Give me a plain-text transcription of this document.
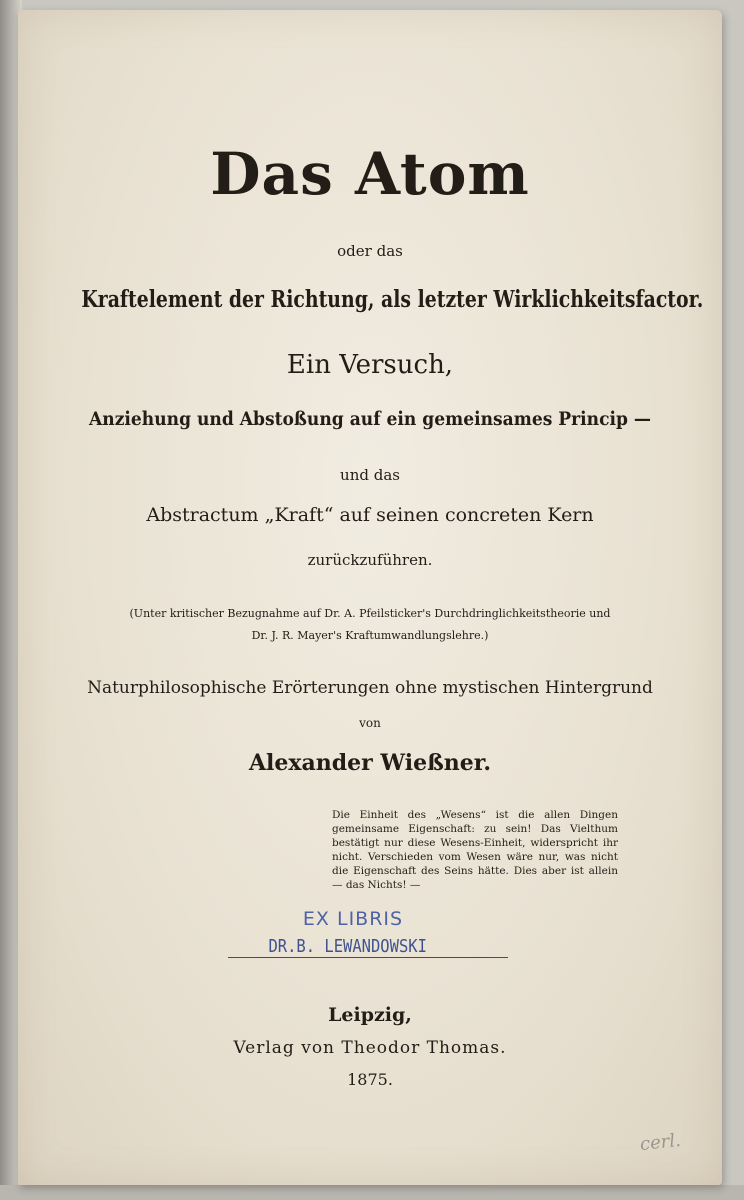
Das Atom
oder das
Kraftelement der Richtung, als letzter Wirklichkeitsfactor.
Ein Versuch,
Anziehung und Abstoßung auf ein gemeinsames Princip —
und das
Abstractum „Kraft“ auf seinen concreten Kern
zurückzuführen.
(Unter kritischer Bezugnahme auf Dr. A. Pfeilsticker's Durchdringlichkeitstheorie und
Dr. J. R. Mayer's Kraftumwandlungslehre.)
Naturphilosophische Erörterungen ohne mystischen Hintergrund
von
Alexander Wießner.
Die Einheit des „Wesens“ ist die allen Dingen gemeinsame Eigenschaft: zu sein! Das Vielthum bestätigt nur diese Wesens-Einheit, widerspricht ihr nicht. Verschieden vom Wesen wäre nur, was nicht die Eigenschaft des Seins hätte. Dies aber ist allein — das Nichts! —
EX LIBRIS
DR.B. LEWANDOWSKI
Leipzig,
Verlag von Theodor Thomas.
1875.
cerl.
